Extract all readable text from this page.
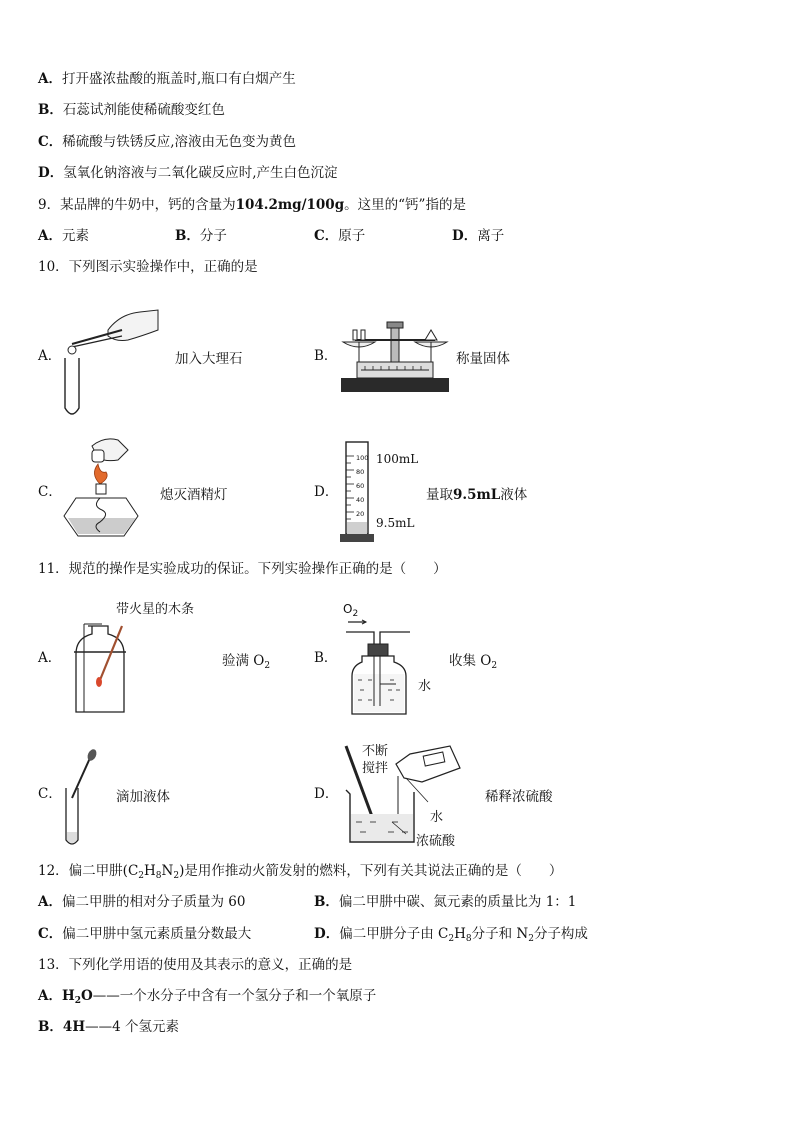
A．打开盛浓盐酸的瓶盖时,瓶口有白烟产生
B．石蕊试剂能使稀硫酸变红色
C．稀硫酸与铁锈反应,溶液由无色变为黄色
D．氢氧化钠溶液与二氧化碳反应时,产生白色沉淀
9．某品牌的牛奶中，钙的含量为104.2mg/100g。这里的“钙”指的是
A．元素	B．分子	C．原子	D．离子
10．下列图示实验操作中，正确的是
A．	加入大理石	B．	称量固体
C．	熄灭酒精灯	D．
100
80
60
40
20
100mL
9.5mL
量取9.5mL液体
11．规范的操作是实验成功的保证。下列实验操作正确的是（　　）
A．
带火星的木条
验满 $O_2$	B．
$O_2$
水
收集 $O_2$
C．	滴加液体	D．
不断
搅拌
水
浓硫酸
稀释浓硫酸
12．偏二甲肼$(C_2H_8N_2)$是用作推动火箭发射的燃料，下列有关其说法正确的是（　　）
A．偏二甲肼的相对分子质量为 60	B．偏二甲肼中碳、氮元素的质量比为 1：1
C．偏二甲肼中氢元素质量分数最大	D．偏二甲肼分子由 $C_2H_8$分子和 $N_2$分子构成
13．下列化学用语的使用及其表示的意义，正确的是
A．$H_2O——$一个水分子中含有一个氢分子和一个氧原子
B．4H——4 个氢元素
